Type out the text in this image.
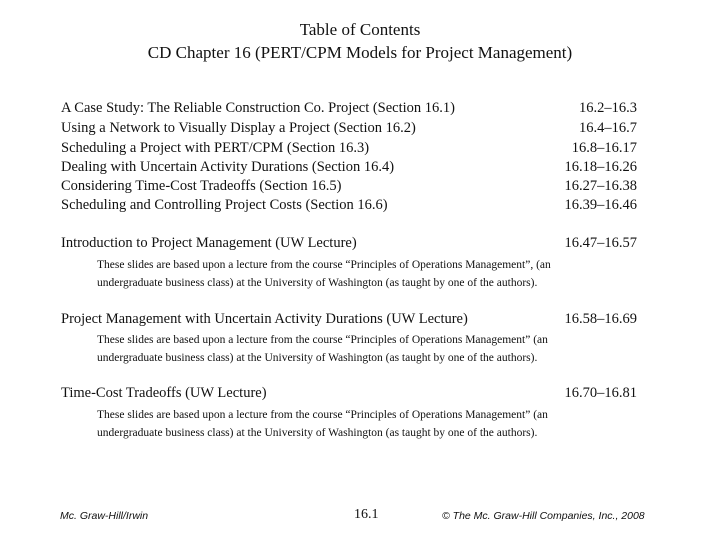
Table of Contents
CD Chapter 16 (PERT/CPM Models for Project Management)
A Case Study: The Reliable Construction Co. Project (Section 16.1)	16.2–16.3
Using a Network to Visually Display a Project (Section 16.2)	16.4–16.7
Scheduling a Project with PERT/CPM (Section 16.3)	16.8–16.17
Dealing with Uncertain Activity Durations (Section 16.4)	16.18–16.26
Considering Time-Cost Tradeoffs (Section 16.5)	16.27–16.38
Scheduling and Controlling Project Costs (Section 16.6)	16.39–16.46
Introduction to Project Management (UW Lecture)	16.47–16.57
These slides are based upon a lecture from the course “Principles of Operations Management”, (an
undergraduate business class) at the University of Washington (as taught by one of the authors).
Project Management with Uncertain Activity Durations (UW Lecture)	16.58–16.69
These slides are based upon a lecture from the course “Principles of Operations Management” (an
undergraduate business class) at the University of Washington (as taught by one of the authors).
Time-Cost Tradeoffs (UW Lecture)	16.70–16.81
These slides are based upon a lecture from the course “Principles of Operations Management” (an
undergraduate business class) at the University of Washington (as taught by one of the authors).
Mc. Graw-Hill/Irwin	16.1	© The Mc. Graw-Hill Companies, Inc., 2008
